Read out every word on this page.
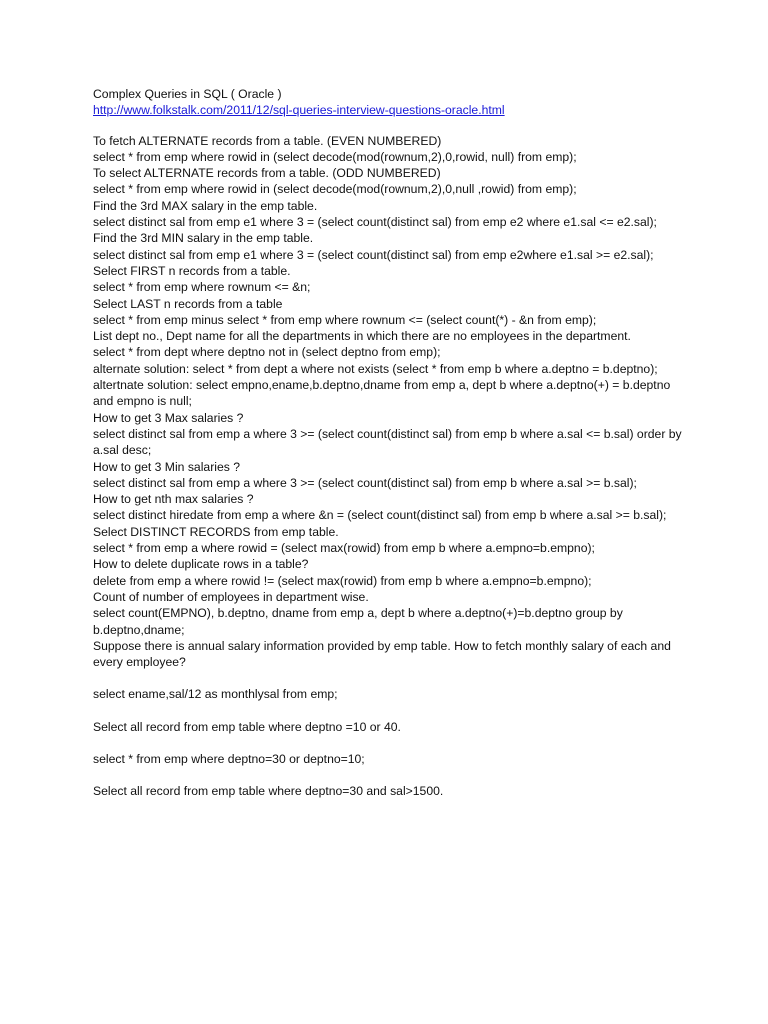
Complex Queries in SQL ( Oracle )
http://www.folkstalk.com/2011/12/sql-queries-interview-questions-oracle.html
To fetch ALTERNATE records from a table. (EVEN NUMBERED)
select * from emp where rowid in (select decode(mod(rownum,2),0,rowid, null) from emp);
To select ALTERNATE records from a table. (ODD NUMBERED)
select * from emp where rowid in (select decode(mod(rownum,2),0,null ,rowid) from emp);
Find the 3rd MAX salary in the emp table.
select distinct sal from emp e1 where 3 = (select count(distinct sal) from emp e2 where e1.sal <= e2.sal);
Find the 3rd MIN salary in the emp table.
select distinct sal from emp e1 where 3 = (select count(distinct sal) from emp e2where e1.sal >= e2.sal);
Select FIRST n records from a table.
select * from emp where rownum <= &n;
Select LAST n records from a table
select * from emp minus select * from emp where rownum <= (select count(*) - &n from emp);
List dept no., Dept name for all the departments in which there are no employees in the department.
select * from dept where deptno not in (select deptno from emp);
alternate solution: select * from dept a where not exists (select * from emp b where a.deptno = b.deptno);
altertnate solution: select empno,ename,b.deptno,dname from emp a, dept b where a.deptno(+) = b.deptno and empno is null;
How to get 3 Max salaries ?
select distinct sal from emp a where 3 >= (select count(distinct sal) from emp b where a.sal <= b.sal) order by a.sal desc;
How to get 3 Min salaries ?
select distinct sal from emp a where 3 >= (select count(distinct sal) from emp b where a.sal >= b.sal);
How to get nth max salaries ?
select distinct hiredate from emp a where &n = (select count(distinct sal) from emp b where a.sal >= b.sal);
Select DISTINCT RECORDS from emp table.
select * from emp a where rowid = (select max(rowid) from emp b where a.empno=b.empno);
How to delete duplicate rows in a table?
delete from emp a where rowid != (select max(rowid) from emp b where a.empno=b.empno);
Count of number of employees in department wise.
select count(EMPNO), b.deptno, dname from emp a, dept b where a.deptno(+)=b.deptno group by b.deptno,dname;
Suppose there is annual salary information provided by emp table. How to fetch monthly salary of each and every employee?
select ename,sal/12 as monthlysal from emp;
Select all record from emp table where deptno =10 or 40.
select * from emp where deptno=30 or deptno=10;
Select all record from emp table where deptno=30 and sal>1500.
